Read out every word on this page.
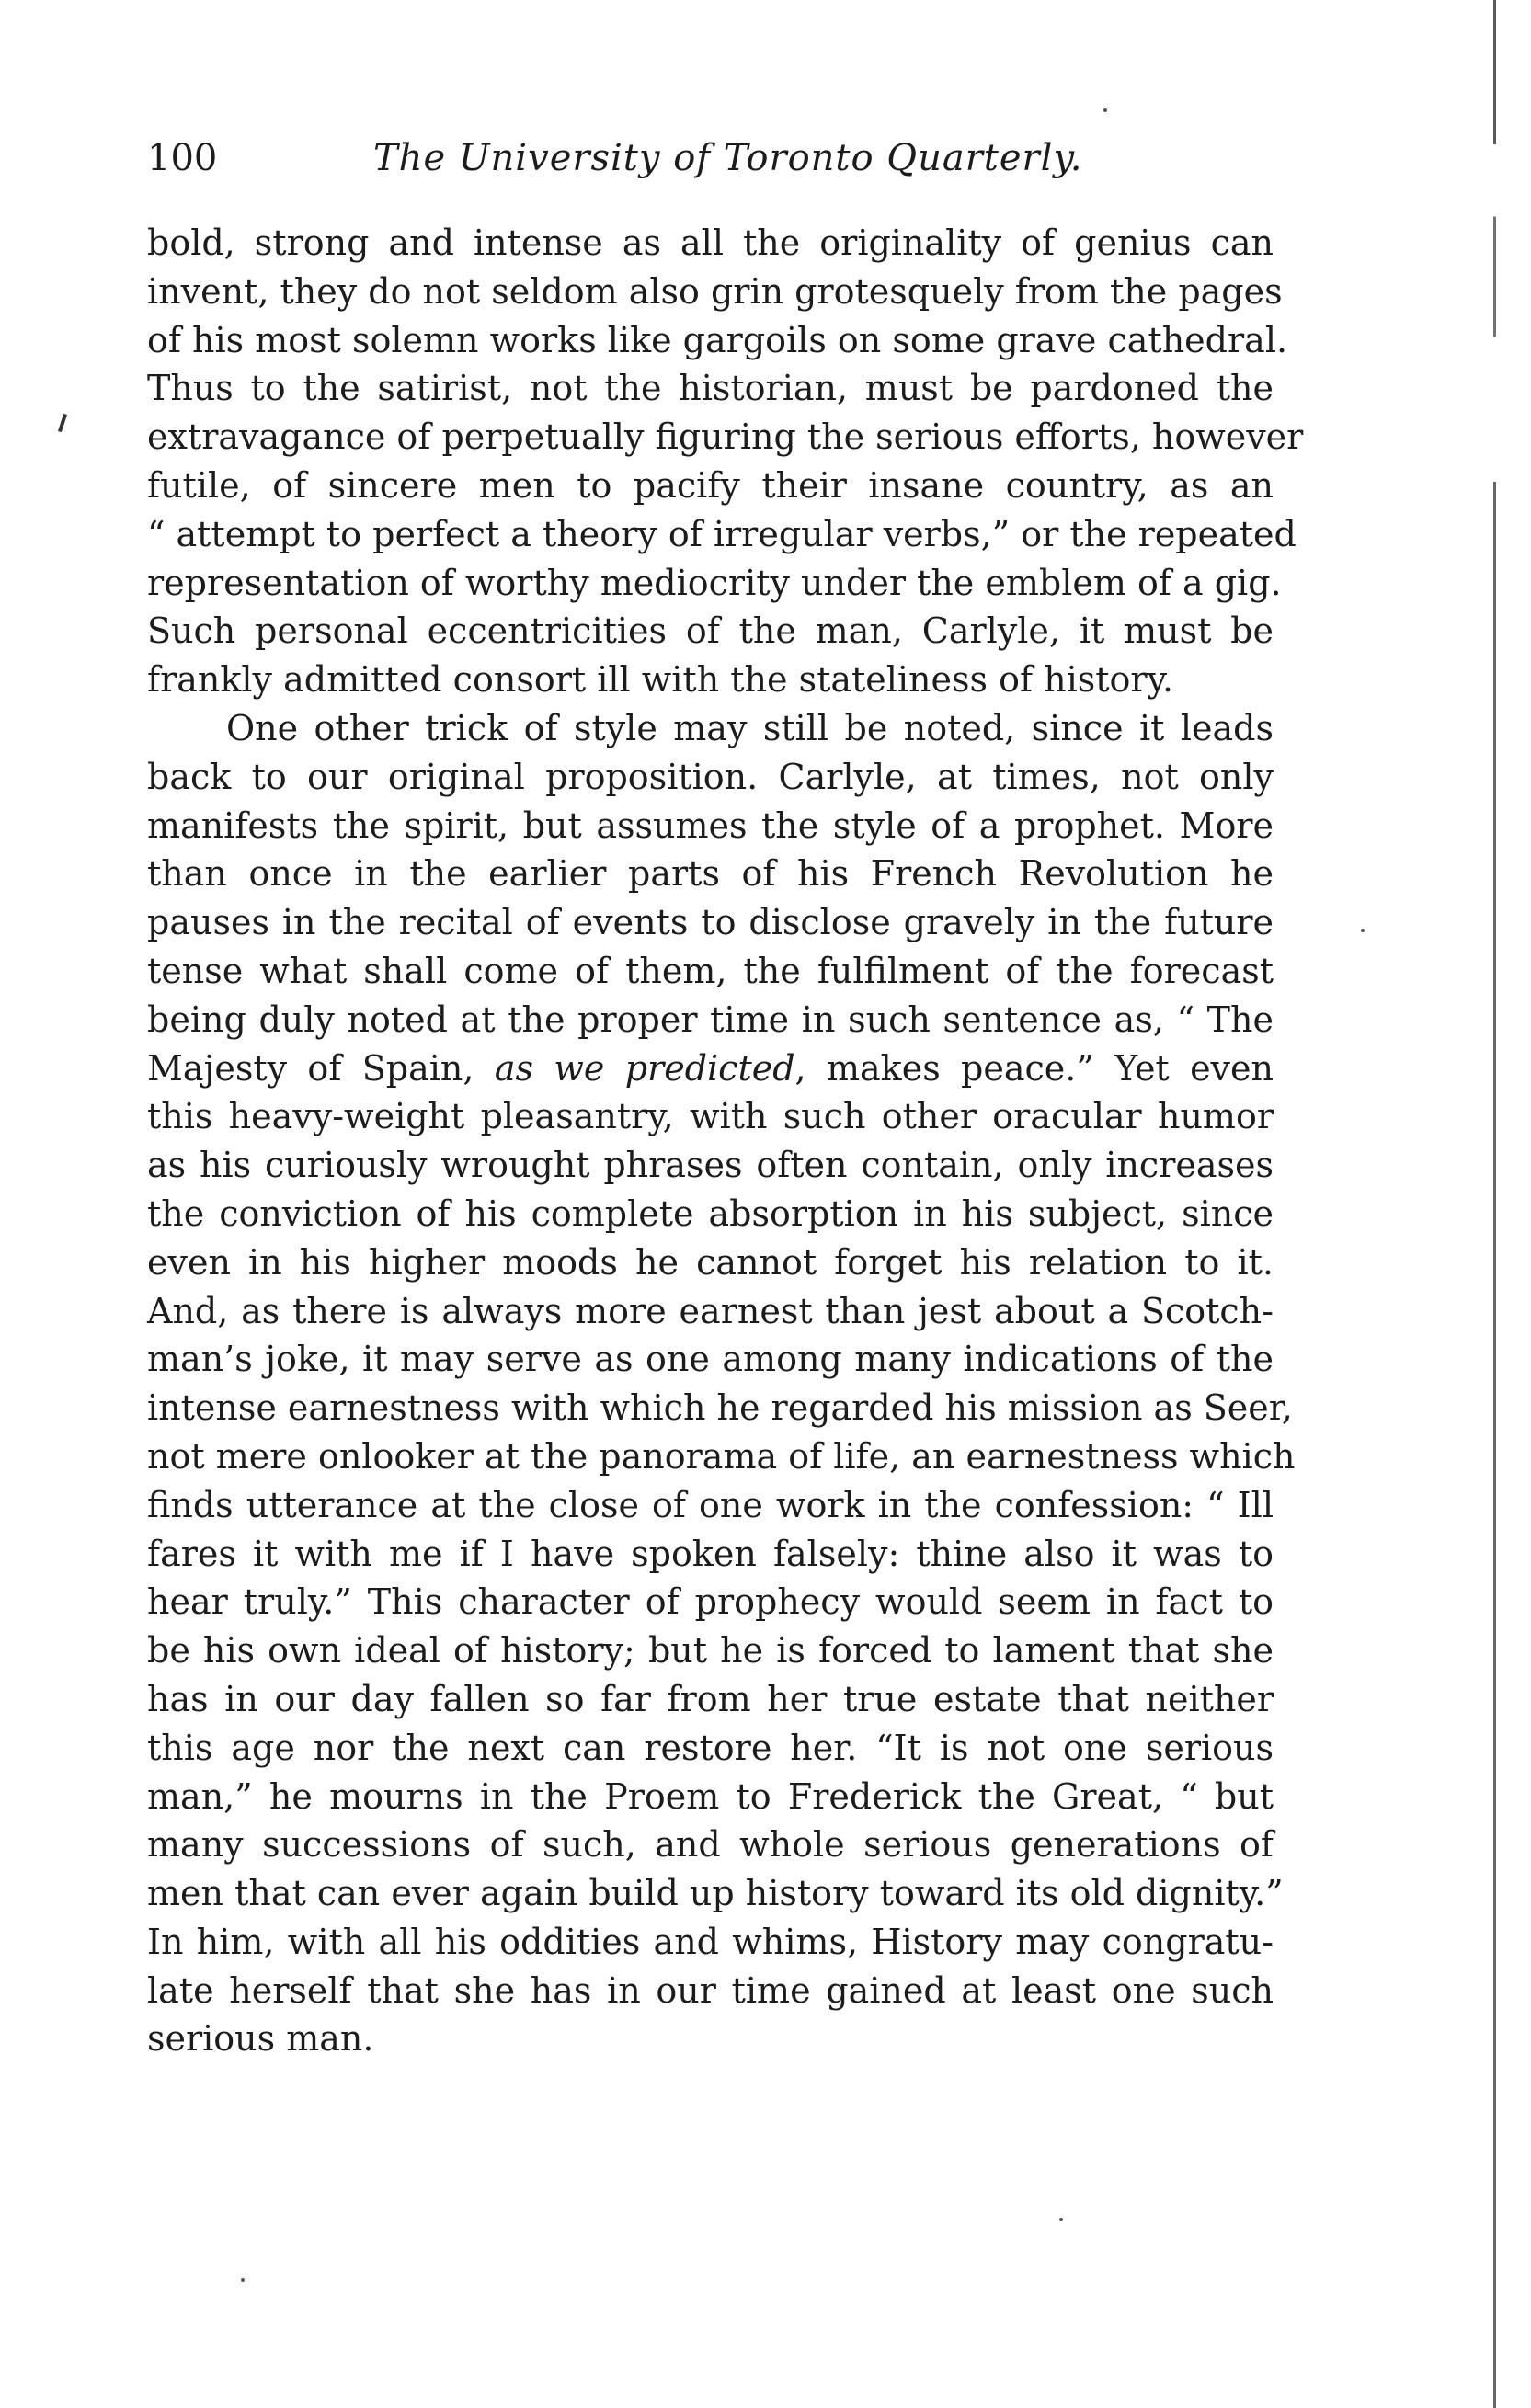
100	The University of Toronto Quarterly.
bold, strong and intense as all the originality of genius can
invent, they do not seldom also grin grotesquely from the pages
of his most solemn works like gargoils on some grave cathedral.
Thus to the satirist, not the historian, must be pardoned the
extravagance of perpetually figuring the serious efforts, however
futile, of sincere men to pacify their insane country, as an
“ attempt to perfect a theory of irregular verbs,” or the repeated
representation of worthy mediocrity under the emblem of a gig.
Such personal eccentricities of the man, Carlyle, it must be
frankly admitted consort ill with the stateliness of history.
One other trick of style may still be noted, since it leads
back to our original proposition. Carlyle, at times, not only
manifests the spirit, but assumes the style of a prophet. More
than once in the earlier parts of his French Revolution he
pauses in the recital of events to disclose gravely in the future
tense what shall come of them, the fulfilment of the forecast
being duly noted at the proper time in such sentence as, “ The
Majesty of Spain, as we predicted, makes peace.” Yet even
this heavy-weight pleasantry, with such other oracular humor
as his curiously wrought phrases often contain, only increases
the conviction of his complete absorption in his subject, since
even in his higher moods he cannot forget his relation to it.
And, as there is always more earnest than jest about a Scotch-
man’s joke, it may serve as one among many indications of the
intense earnestness with which he regarded his mission as Seer,
not mere onlooker at the panorama of life, an earnestness which
finds utterance at the close of one work in the confession: “ Ill
fares it with me if I have spoken falsely: thine also it was to
hear truly.” This character of prophecy would seem in fact to
be his own ideal of history; but he is forced to lament that she
has in our day fallen so far from her true estate that neither
this age nor the next can restore her. “It is not one serious
man,” he mourns in the Proem to Frederick the Great, “ but
many successions of such, and whole serious generations of
men that can ever again build up history toward its old dignity.”
In him, with all his oddities and whims, History may congratu-
late herself that she has in our time gained at least one such
serious man.
